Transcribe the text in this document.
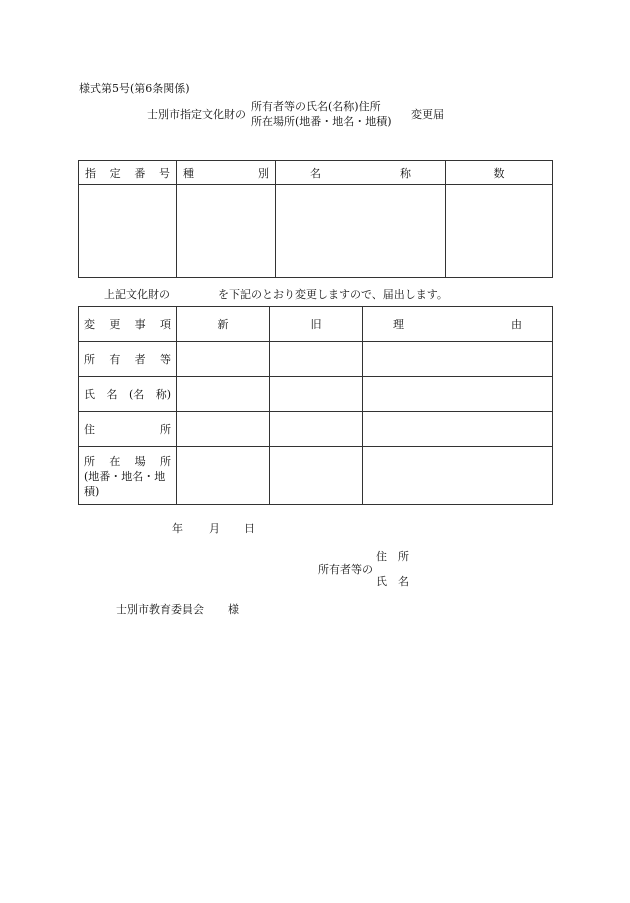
様式第5号(第6条関係)
士別市指定文化財の
所有者等の氏名(名称)住所
所在場所(地番・地名・地積)
変更届
指 定 番 号	種 別	名 称	数

上記文化財の	を下記のとおり変更しますので、届出します。
変 更 事 項	新	旧	理 由

所 有 者 等			

氏 名 (名 称)			

住 所			

所 在 場 所
(地番・地名・地積)			

年 月 日
所有者等の
住　所
氏　名
士別市教育委員会 様
